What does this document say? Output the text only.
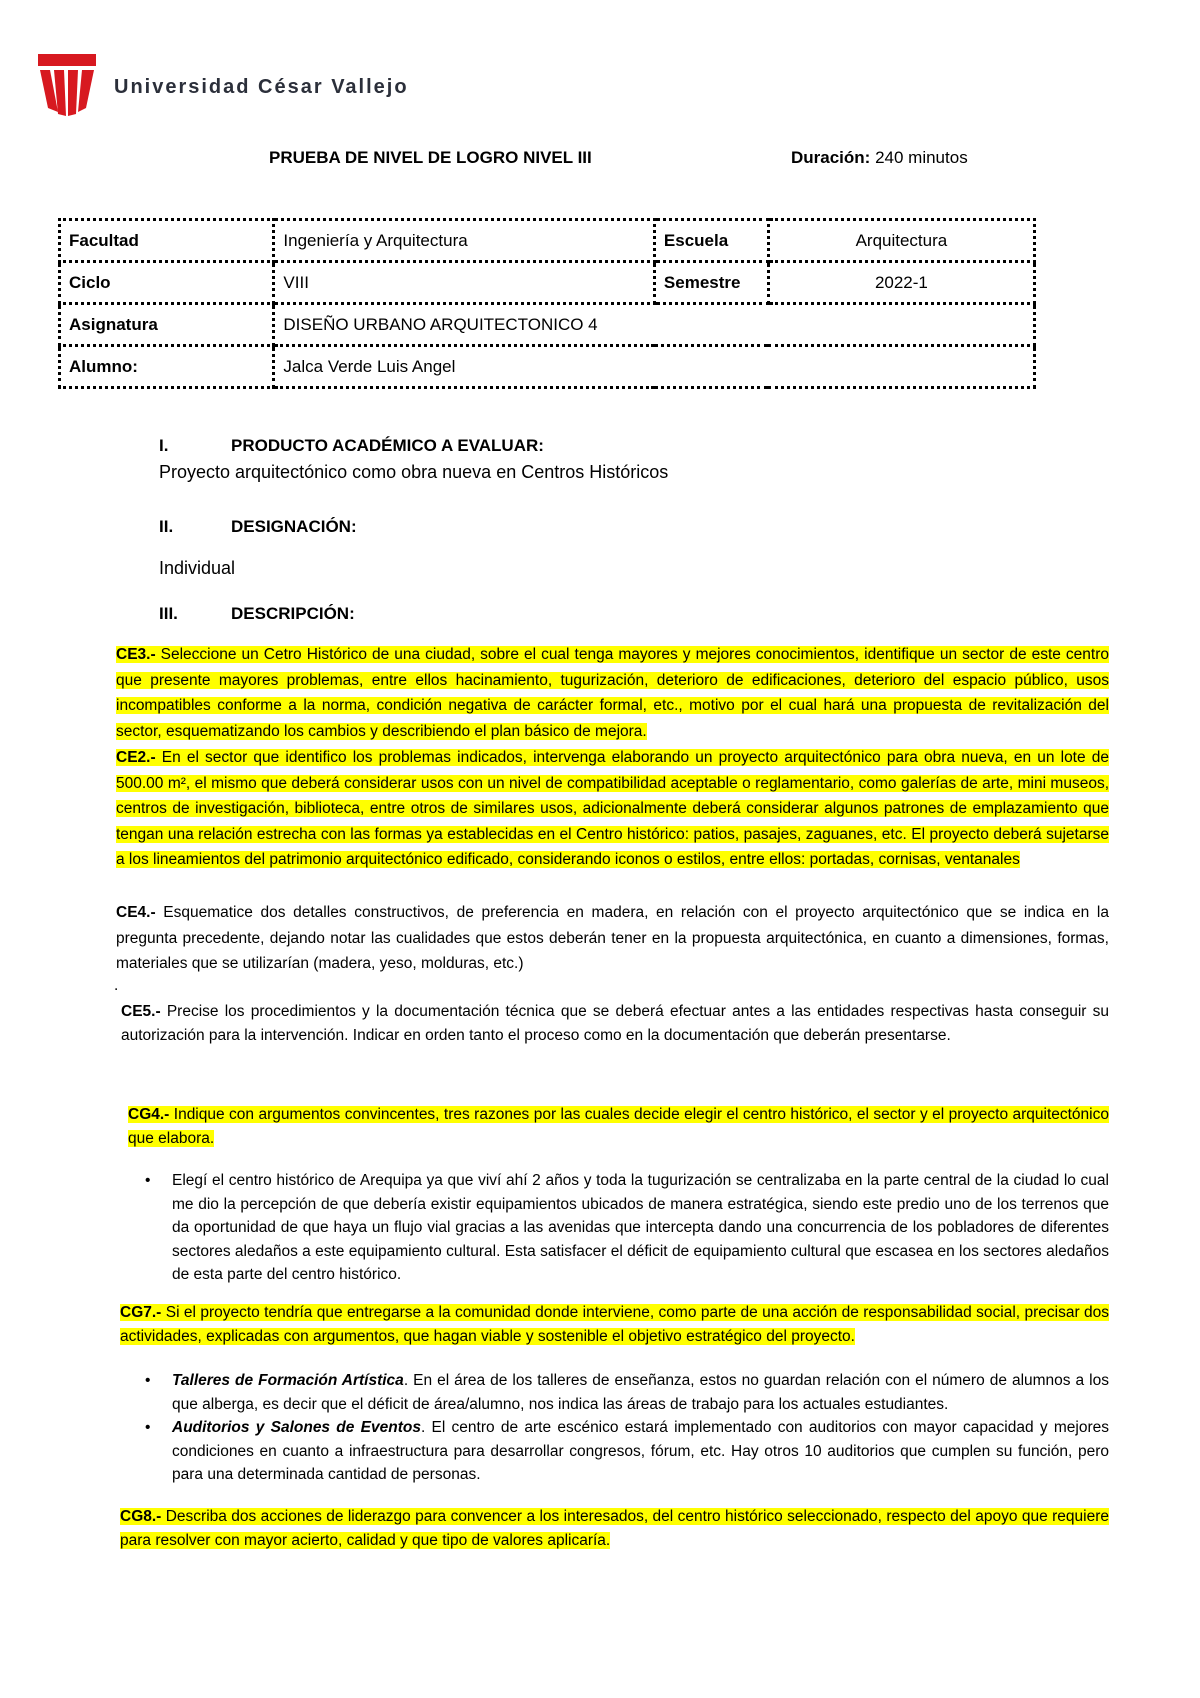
Universidad César Vallejo
PRUEBA DE NIVEL DE LOGRO NIVEL III	Duración: 240 minutos
Facultad	Ingeniería y Arquitectura	Escuela	Arquitectura
Ciclo	VIII	Semestre	2022-1
Asignatura	DISEÑO URBANO ARQUITECTONICO 4		
Alumno:	Jalca Verde Luis Angel		
I.	PRODUCTO ACADÉMICO A EVALUAR:
Proyecto arquitectónico como obra nueva en Centros Históricos
II.	DESIGNACIÓN:
Individual
III.	DESCRIPCIÓN:
CE3.- Seleccione un Cetro Histórico de una ciudad, sobre el cual tenga mayores y mejores conocimientos, identifique un sector de este centro que presente mayores problemas, entre ellos hacinamiento, tugurización, deterioro de edificaciones, deterioro del espacio público, usos incompatibles conforme a la norma, condición negativa de carácter formal, etc., motivo por el cual hará una propuesta de revitalización del sector, esquematizando los cambios y describiendo el plan básico de mejora.
CE2.- En el sector que identifico los problemas indicados, intervenga elaborando un proyecto arquitectónico para obra nueva, en un lote de 500.00 m², el mismo que deberá considerar usos con un nivel de compatibilidad aceptable o reglamentario, como galerías de arte, mini museos, centros de investigación, biblioteca, entre otros de similares usos, adicionalmente deberá considerar algunos patrones de emplazamiento que tengan una relación estrecha con las formas ya establecidas en el Centro histórico: patios, pasajes, zaguanes, etc. El proyecto deberá sujetarse a los lineamientos del patrimonio arquitectónico edificado, considerando iconos o estilos, entre ellos: portadas, cornisas, ventanales
CE4.- Esquematice dos detalles constructivos, de preferencia en madera, en relación con el proyecto arquitectónico que se indica en la pregunta precedente, dejando notar las cualidades que estos deberán tener en la propuesta arquitectónica, en cuanto a dimensiones, formas, materiales que se utilizarían (madera, yeso, molduras, etc.)
.
CE5.- Precise los procedimientos y la documentación técnica que se deberá efectuar antes a las entidades respectivas hasta conseguir su autorización para la intervención. Indicar en orden tanto el proceso como en la documentación que deberán presentarse.
CG4.- Indique con argumentos convincentes, tres razones por las cuales decide elegir el centro histórico, el sector y el proyecto arquitectónico que elabora.
• Elegí el centro histórico de Arequipa ya que viví ahí 2 años y toda la tugurización se centralizaba en la parte central de la ciudad lo cual me dio la percepción de que debería existir equipamientos ubicados de manera estratégica, siendo este predio uno de los terrenos que da oportunidad de que haya un flujo vial gracias a las avenidas que intercepta dando una concurrencia de los pobladores de diferentes sectores aledaños a este equipamiento cultural. Esta satisfacer el déficit de equipamiento cultural que escasea en los sectores aledaños de esta parte del centro histórico.
CG7.- Si el proyecto tendría que entregarse a la comunidad donde interviene, como parte de una acción de responsabilidad social, precisar dos actividades, explicadas con argumentos, que hagan viable y sostenible el objetivo estratégico del proyecto.
• Talleres de Formación Artística. En el área de los talleres de enseñanza, estos no guardan relación con el número de alumnos a los que alberga, es decir que el déficit de área/alumno, nos indica las áreas de trabajo para los actuales estudiantes.
• Auditorios y Salones de Eventos. El centro de arte escénico estará implementado con auditorios con mayor capacidad y mejores condiciones en cuanto a infraestructura para desarrollar congresos, fórum, etc. Hay otros 10 auditorios que cumplen su función, pero para una determinada cantidad de personas.
CG8.- Describa dos acciones de liderazgo para convencer a los interesados, del centro histórico seleccionado, respecto del apoyo que requiere para resolver con mayor acierto, calidad y que tipo de valores aplicaría.
